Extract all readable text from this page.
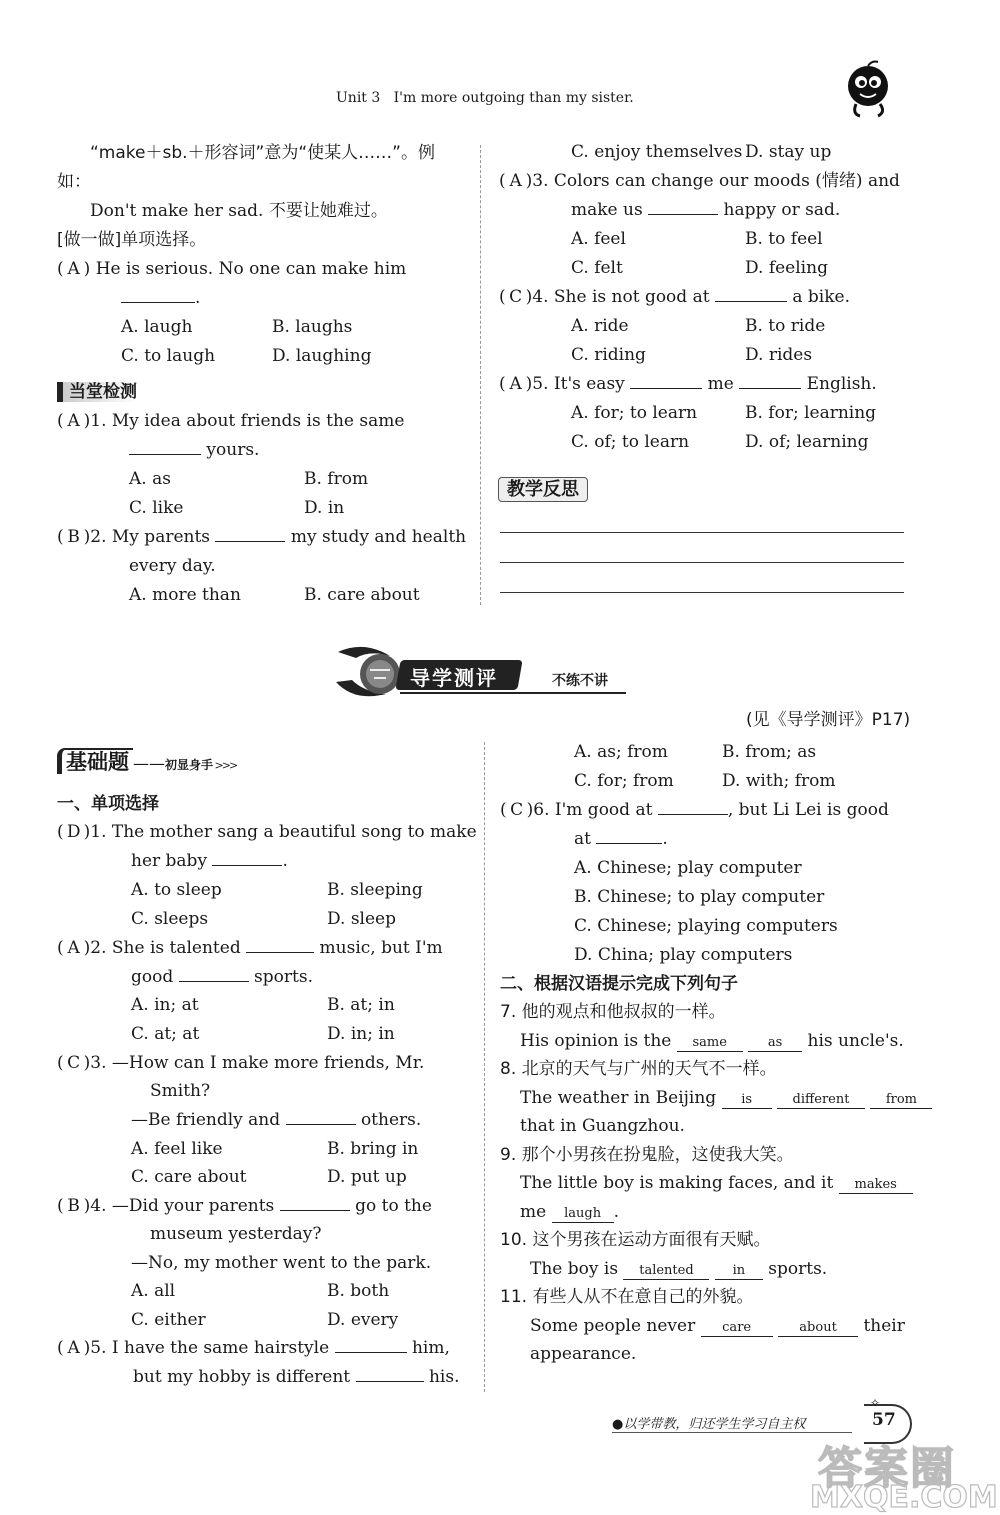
Unit 3 I'm more outgoing than my sister.
“make＋sb.＋形容词”意为“使某人……”。例
如：
Don't make her sad. 不要让她难过。
[做一做]单项选择。
( A ) He is serious. No one can make him
.
A. laugh	B. laughs
C. to laugh	D. laughing
当堂检测
( A )1. My idea about friends is the same
yours.
A. as	B. from
C. like	D. in
( B )2. My parents	my study and health
every day.
A. more than	B. care about
C. enjoy themselves D. stay up
( A )3. Colors can change our moods (情绪) and
make us	happy or sad.
A. feel	B. to feel
C. felt	D. feeling
( C )4. She is not good at	a bike.
A. ride	B. to ride
C. riding	D. rides
( A )5. It's easy	me	English.
A. for; to learn	B. for; learning
C. of; to learn	D. of; learning
教学反思
导学测评	不练不讲
(见《导学测评》P17)
基础题 ——初显身手 >>>
一、单项选择
( D )1. The mother sang a beautiful song to make
her baby	.
A. to sleep	B. sleeping
C. sleeps	D. sleep
( A )2. She is talented	music, but I'm
good	sports.
A. in; at	B. at; in
C. at; at	D. in; in
( C )3. —How can I make more friends, Mr.
Smith?
—Be friendly and	others.
A. feel like	B. bring in
C. care about	D. put up
( B )4. —Did your parents	go to the
museum yesterday?
—No, my mother went to the park.
A. all	B. both
C. either	D. every
( A )5. I have the same hairstyle	him,
but my hobby is different	his.
A. as; from	B. from; as
C. for; from	D. with; from
( C )6. I'm good at	, but Li Lei is good
at	.
A. Chinese; play computer
B. Chinese; to play computer
C. Chinese; playing computers
D. China; play computers
二、根据汉语提示完成下列句子
7. 他的观点和他叔叔的一样。
His opinion is the same	as his uncle's.
8. 北京的天气与广州的天气不一样。
The weather in Beijing is	different	from
that in Guangzhou.
9. 那个小男孩在扮鬼脸，这使我大笑。
The little boy is making faces, and it makes
me laugh .
10. 这个男孩在运动方面很有天赋。
The boy is talented	in sports.
11. 有些人从不在意自己的外貌。
Some people never care	about their
appearance.
●以学带教，归还学生学习自主权	57
✧
答案圈
MXQE.COM
